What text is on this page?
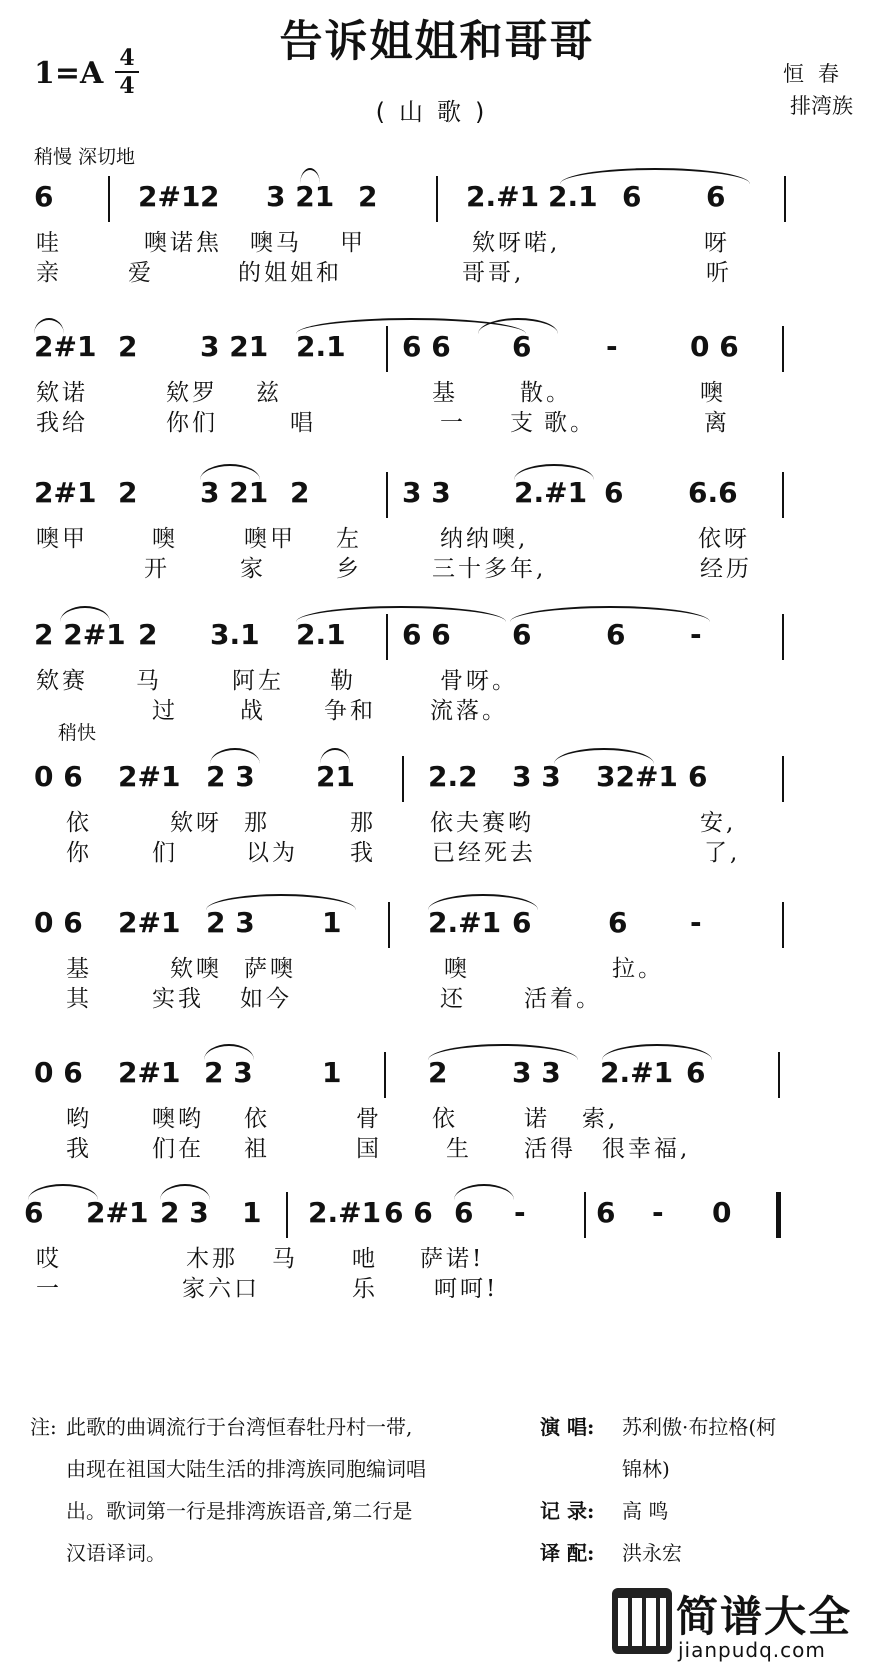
告诉姐姐和哥哥
(山歌)
1=A 4
4	恒春
排湾族
稍慢 深切地
稍快
6	2#1 2 3 21 2	2.#1 2.1 6 6
哇	噢诺焦 噢马 甲	欸呀喏,	呀
亲	爱	的姐姐和	哥哥,	听
2#1 2 3 21 2.1 6 6 6	-	0 6
欸诺	欸罗 兹	基	散。	噢
我给	你们	唱	一 支 歌。	离
2#1 2 3 21 2	3 3 2.#1 6 6.6
噢甲	噢	噢甲 左	纳纳噢,	依呀
开	家	乡	三十多年,	经历
2 2#1 2 3.1 2.1 6 6 6	6 -
欸赛 马	阿左 勒	骨呀。
过	战	争和 流落。
0 6 2#1 2 3 21	2.2 3 3 32#1 6
依	欸呀 那	那 依夫赛哟	安,
你	们	以为 我 已经死去	了,
0 6 2#1 2 3 1	2.#1 6	6 -
基	欸噢 萨噢	噢	拉。
其	实我 如今	还	活着。
0 6 2#1 2 3 1	2 3 3 2.#1 6
哟	噢哟 依	骨 依	诺 索,
我	们在 祖	国	生 活得 很幸福,
6 2#1 2 3 1 2.#1 6 6 6 -	6 - 0
哎	木那 马 吔 萨诺!
一	家六口	乐 呵呵!
注: 此歌的曲调流行于台湾恒春牡丹村一带,
由现在祖国大陆生活的排湾族同胞编词唱
出。歌词第一行是排湾族语音,第二行是
汉语译词。
演 唱:	苏利傲·布拉格(柯
锦林)
记 录:	高 鸣
译 配:	洪永宏
简谱大全
jianpudq.com
